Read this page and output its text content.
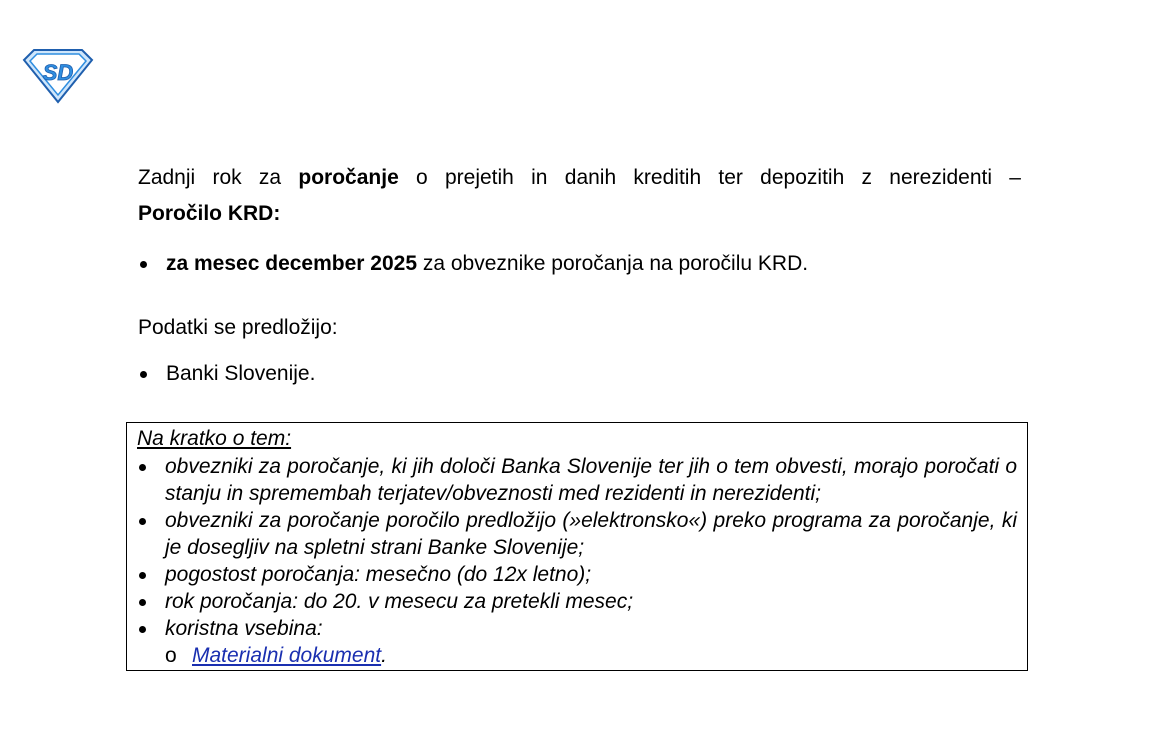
SD

Zadnji rok za poročanje o prejetih in danih kreditih ter depozitih z nerezidenti –

Poročilo KRD:

za mesec december 2025 za obveznike poročanja na poročilu KRD.

Podatki se predložijo:

Banki Slovenije.
Na kratko o tem:
obvezniki za poročanje, ki jih določi Banka Slovenije ter jih o tem obvesti, morajo poročati o stanju in spremembah terjatev/obveznosti med rezidenti in nerezidenti;
obvezniki za poročanje poročilo predložijo (»elektronsko«) preko programa za poročanje, ki je dosegljiv na spletni strani Banke Slovenije;
pogostost poročanja: mesečno (do 12x letno);
rok poročanja: do 20. v mesecu za pretekli mesec;
koristna vsebina:
o Materialni dokument.
